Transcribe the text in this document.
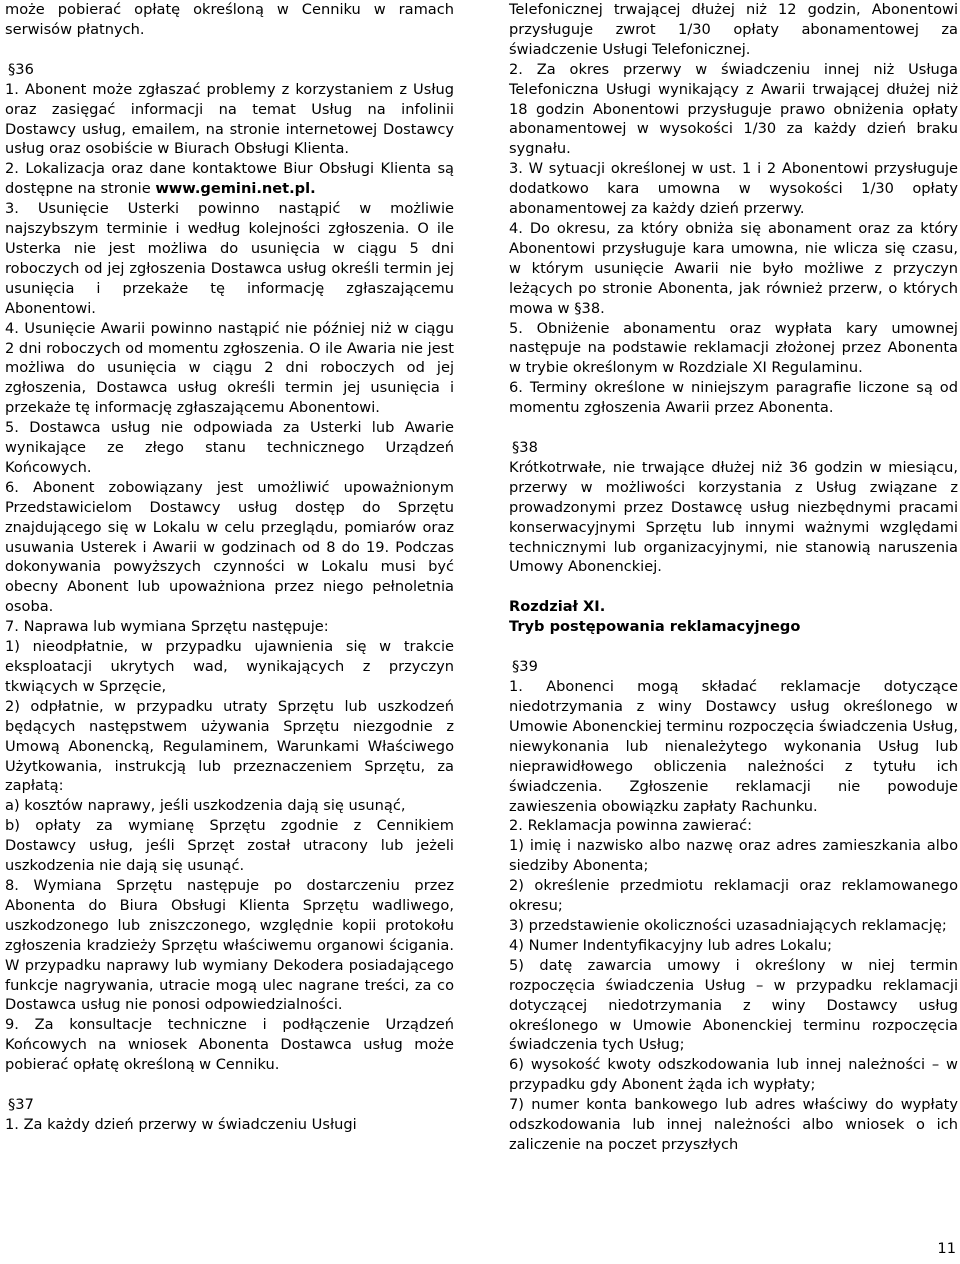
może pobierać opłatę określoną w Cenniku w ramach serwisów płatnych.

§36

1. Abonent może zgłaszać problemy z korzystaniem z Usług oraz zasięgać informacji na temat Usług na infolinii Dostawcy usług, emailem, na stronie internetowej Dostawcy usług oraz osobiście w Biurach Obsługi Klienta.

2. Lokalizacja oraz dane kontaktowe Biur Obsługi Klienta są dostępne na stronie www.gemini.net.pl.

3. Usunięcie Usterki powinno nastąpić w możliwie najszybszym terminie i według kolejności zgłoszenia. O ile Usterka nie jest możliwa do usunięcia w ciągu 5 dni roboczych od jej zgłoszenia Dostawca usług określi termin jej usunięcia i przekaże tę informację zgłaszającemu Abonentowi.

4. Usunięcie Awarii powinno nastąpić nie później niż w ciągu 2 dni roboczych od momentu zgłoszenia. O ile Awaria nie jest możliwa do usunięcia w ciągu 2 dni roboczych od jej zgłoszenia, Dostawca usług określi termin jej usunięcia i przekaże tę informację zgłaszającemu Abonentowi.

5. Dostawca usług nie odpowiada za Usterki lub Awarie wynikające ze złego stanu technicznego Urządzeń Końcowych.

6. Abonent zobowiązany jest umożliwić upoważnionym Przedstawicielom Dostawcy usług dostęp do Sprzętu znajdującego się w Lokalu w celu przeglądu, pomiarów oraz usuwania Usterek i Awarii w godzinach od 8 do 19. Podczas dokonywania powyższych czynności w Lokalu musi być obecny Abonent lub upoważniona przez niego pełnoletnia osoba.

7. Naprawa lub wymiana Sprzętu następuje:

1) nieodpłatnie, w przypadku ujawnienia się w trakcie eksploatacji ukrytych wad, wynikających z przyczyn tkwiących w Sprzęcie,

2) odpłatnie, w przypadku utraty Sprzętu lub uszkodzeń będących następstwem używania Sprzętu niezgodnie z Umową Abonencką, Regulaminem, Warunkami Właściwego Użytkowania, instrukcją lub przeznaczeniem Sprzętu, za zapłatą:

a) kosztów naprawy, jeśli uszkodzenia dają się usunąć,

b) opłaty za wymianę Sprzętu zgodnie z Cennikiem Dostawcy usług, jeśli Sprzęt został utracony lub jeżeli uszkodzenia nie dają się usunąć.

8. Wymiana Sprzętu następuje po dostarczeniu przez Abonenta do Biura Obsługi Klienta Sprzętu wadliwego, uszkodzonego lub zniszczonego, względnie kopii protokołu zgłoszenia kradzieży Sprzętu właściwemu organowi ścigania. W przypadku naprawy lub wymiany Dekodera posiadającego funkcje nagrywania, utracie mogą ulec nagrane treści, za co Dostawca usług nie ponosi odpowiedzialności.

9. Za konsultacje techniczne i podłączenie Urządzeń Końcowych na wniosek Abonenta Dostawca usług może pobierać opłatę określoną w Cenniku.

§37

1. Za każdy dzień przerwy w świadczeniu Usługi

Telefonicznej trwającej dłużej niż 12 godzin, Abonentowi przysługuje zwrot 1/30 opłaty abonamentowej za świadczenie Usługi Telefonicznej.

2. Za okres przerwy w świadczeniu innej niż Usługa Telefoniczna Usługi wynikający z Awarii trwającej dłużej niż 18 godzin Abonentowi przysługuje prawo obniżenia opłaty abonamentowej w wysokości 1/30 za każdy dzień braku sygnału.

3. W sytuacji określonej w ust. 1 i 2 Abonentowi przysługuje dodatkowo kara umowna w wysokości 1/30 opłaty abonamentowej za każdy dzień przerwy.

4. Do okresu, za który obniża się abonament oraz za który Abonentowi przysługuje kara umowna, nie wlicza się czasu, w którym usunięcie Awarii nie było możliwe z przyczyn leżących po stronie Abonenta, jak również przerw, o których mowa w §38.

5. Obniżenie abonamentu oraz wypłata kary umownej następuje na podstawie reklamacji złożonej przez Abonenta w trybie określonym w Rozdziale XI Regulaminu.

6. Terminy określone w niniejszym paragrafie liczone są od momentu zgłoszenia Awarii przez Abonenta.

§38

Krótkotrwałe, nie trwające dłużej niż 36 godzin w miesiącu, przerwy w możliwości korzystania z Usług związane z prowadzonymi przez Dostawcę usług niezbędnymi pracami konserwacyjnymi Sprzętu lub innymi ważnymi względami technicznymi lub organizacyjnymi, nie stanowią naruszenia Umowy Abonenckiej.

Rozdział XI.

Tryb postępowania reklamacyjnego

§39

1. Abonenci mogą składać reklamacje dotyczące niedotrzymania z winy Dostawcy usług określonego w Umowie Abonenckiej terminu rozpoczęcia świadczenia Usług, niewykonania lub nienależytego wykonania Usług lub nieprawidłowego obliczenia należności z tytułu ich świadczenia. Zgłoszenie reklamacji nie powoduje zawieszenia obowiązku zapłaty Rachunku.

2. Reklamacja powinna zawierać:

1) imię i nazwisko albo nazwę oraz adres zamieszkania albo siedziby Abonenta;

2) określenie przedmiotu reklamacji oraz reklamowanego okresu;

3) przedstawienie okoliczności uzasadniających reklamację;

4) Numer Indentyfikacyjny lub adres Lokalu;

5) datę zawarcia umowy i określony w niej termin rozpoczęcia świadczenia Usług – w przypadku reklamacji dotyczącej niedotrzymania z winy Dostawcy usług określonego w Umowie Abonenckiej terminu rozpoczęcia świadczenia tych Usług;

6) wysokość kwoty odszkodowania lub innej należności – w przypadku gdy Abonent żąda ich wypłaty;

7) numer konta bankowego lub adres właściwy do wypłaty odszkodowania lub innej należności albo wniosek o ich zaliczenie na poczet przyszłych

11
